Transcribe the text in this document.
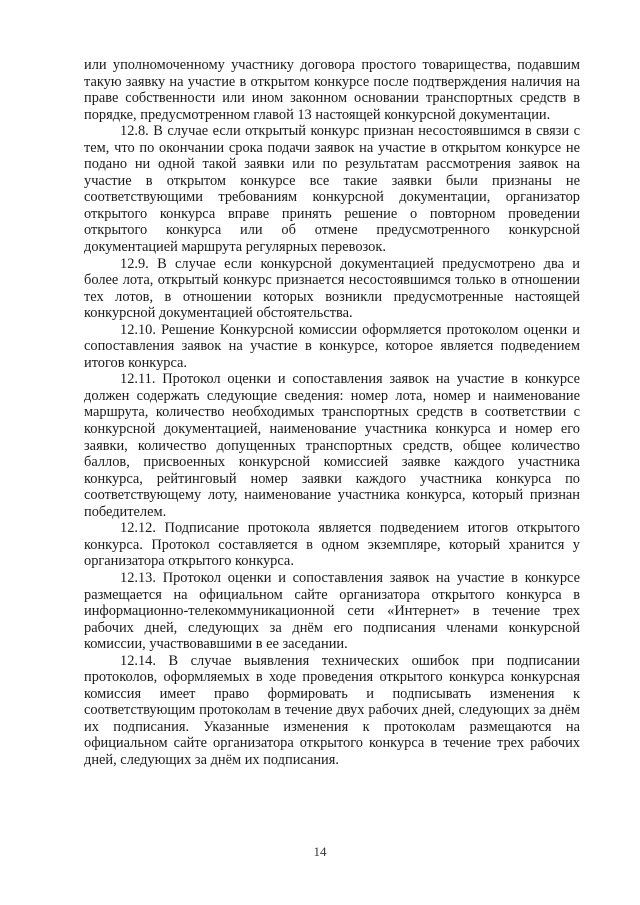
или уполномоченному участнику договора простого товарищества, подавшим такую заявку на участие в открытом конкурсе после подтверждения наличия на праве собственности или ином законном основании транспортных средств в порядке, предусмотренном главой 13 настоящей конкурсной документации.

12.8. В случае если открытый конкурс признан несостоявшимся в связи с тем, что по окончании срока подачи заявок на участие в открытом конкурсе не подано ни одной такой заявки или по результатам рассмотрения заявок на участие в открытом конкурсе все такие заявки были признаны не соответствующими требованиям конкурсной документации, организатор открытого конкурса вправе принять решение о повторном проведении открытого конкурса или об отмене предусмотренного конкурсной документацией маршрута регулярных перевозок.

12.9. В случае если конкурсной документацией предусмотрено два и более лота, открытый конкурс признается несостоявшимся только в отношении тех лотов, в отношении которых возникли предусмотренные настоящей конкурсной документацией обстоятельства.

12.10. Решение Конкурсной комиссии оформляется протоколом оценки и сопоставления заявок на участие в конкурсе, которое является подведением итогов конкурса.

12.11. Протокол оценки и сопоставления заявок на участие в конкурсе должен содержать следующие сведения: номер лота, номер и наименование маршрута, количество необходимых транспортных средств в соответствии с конкурсной документацией, наименование участника конкурса и номер его заявки, количество допущенных транспортных средств, общее количество баллов, присвоенных конкурсной комиссией заявке каждого участника конкурса, рейтинговый номер заявки каждого участника конкурса по соответствующему лоту, наименование участника конкурса, который признан победителем.

12.12. Подписание протокола является подведением итогов открытого конкурса. Протокол составляется в одном экземпляре, который хранится у организатора открытого конкурса.

12.13. Протокол оценки и сопоставления заявок на участие в конкурсе размещается на официальном сайте организатора открытого конкурса в информационно-телекоммуникационной сети «Интернет» в течение трех рабочих дней, следующих за днём его подписания членами конкурсной комиссии, участвовавшими в ее заседании.

12.14. В случае выявления технических ошибок при подписании протоколов, оформляемых в ходе проведения открытого конкурса конкурсная комиссия имеет право формировать и подписывать изменения к соответствующим протоколам в течение двух рабочих дней, следующих за днём их подписания. Указанные изменения к протоколам размещаются на официальном сайте организатора открытого конкурса в течение трех рабочих дней, следующих за днём их подписания.

14
